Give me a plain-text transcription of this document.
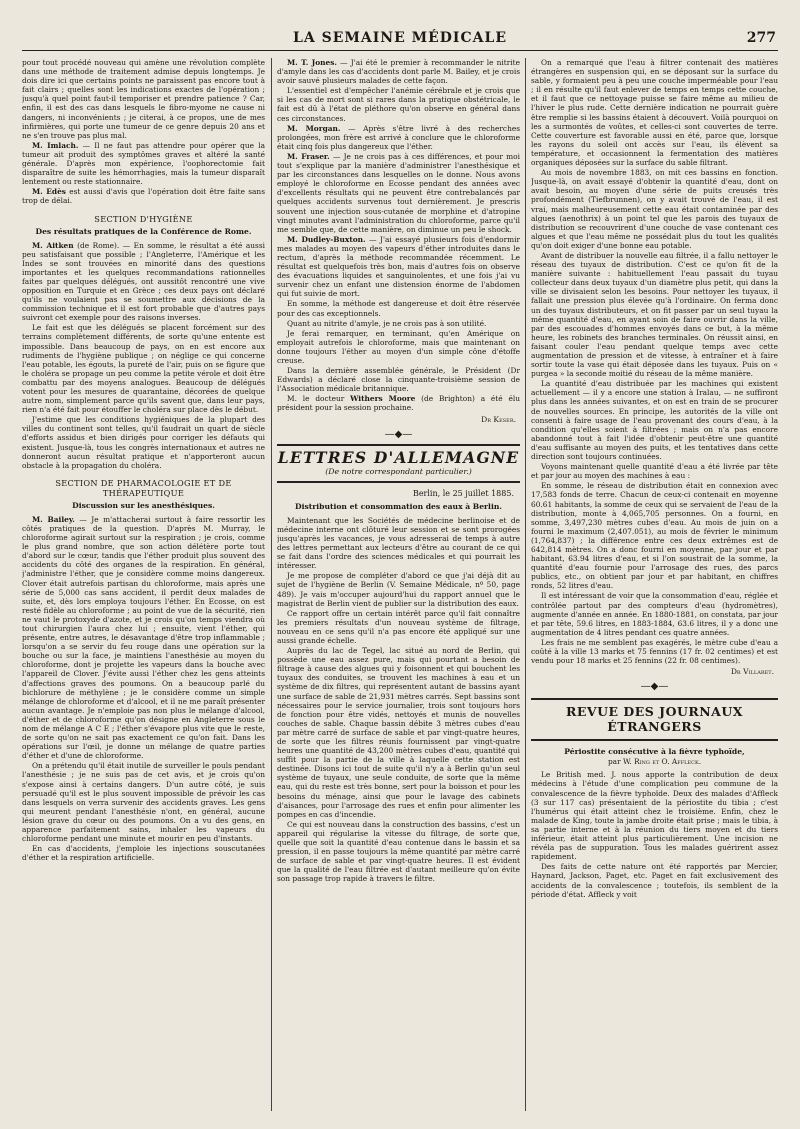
LA SEMAINE MÉDICALE	277

pour tout procédé nouveau qui amène une révolution complète dans une méthode de traitement admise depuis longtemps. Je dois dire ici que certains points ne paraissent pas encore tout à fait clairs ; quelles sont les indications exactes de l'opération ; jusqu'à quel point faut-il temporiser et prendre patience ? Car, enfin, il est des cas dans lesquels le fibro-myome ne cause ni dangers, ni inconvénients ; je citerai, à ce propos, une de mes infirmières, qui porte une tumeur de ce genre depuis 20 ans et ne s'en trouve pas plus mal.

M. Imlach. — Il ne faut pas attendre pour opérer que la tumeur ait produit des symptômes graves et altéré la santé générale. D'après mon expérience, l'oophorectomie fait disparaître de suite les hémorrhagies, mais la tumeur disparaît lentement ou reste stationnaire.

M. Edès est aussi d'avis que l'opération doit être faite sans trop de délai.

SECTION D'HYGIÈNE
Des résultats pratiques de la Conférence de Rome.

M. Aitken (de Rome). — En somme, le résultat a été aussi peu satisfaisant que possible ; l'Angleterre, l'Amérique et les Indes se sont trouvées en minorité dans des questions importantes et les quelques recommandations rationnelles faites par quelques délégués, ont aussitôt rencontré une vive opposition en Turquie et en Grèce ; ces deux pays ont déclaré qu'ils ne voulaient pas se soumettre aux décisions de la commission technique et il est fort probable que d'autres pays suivront cet exemple pour des raisons inverses.

Le fait est que les délégués se placent forcément sur des terrains complètement différents, de sorte qu'une entente est impossible. Dans beaucoup de pays, on en est encore aux rudiments de l'hygiène publique ; on néglige ce qui concerne l'eau potable, les égouts, la pureté de l'air, puis on se figure que le choléra se propage un peu comme la petite vérole et doit être combattu par des moyens analogues. Beaucoup de délégués votent pour les mesures de quarantaine, décorées de quelque autre nom, simplement parce qu'ils savent que, dans leur pays, rien n'a été fait pour étouffer le choléra sur place dès le début.

J'estime que les conditions hygiéniques de la plupart des villes du continent sont telles, qu'il faudrait un quart de siècle d'efforts assidus et bien dirigés pour corriger les défauts qui existent. Jusque-là, tous les congrès internationaux et autres ne donneront aucun résultat pratique et n'apporteront aucun obstacle à la propagation du choléra.

SECTION DE PHARMACOLOGIE ET DE THÉRAPEUTIQUE
Discussion sur les anesthésiques.

M. Bailey. — Je m'attacherai surtout à faire ressortir les côtés pratiques de la question. D'après M. Murray, le chloroforme agirait surtout sur la respiration ; je crois, comme le plus grand nombre, que son action délétère porte tout d'abord sur le cœur, tandis que l'éther produit plus souvent des accidents du côté des organes de la respiration. En général, j'administre l'éther, que je considère comme moins dangereux. Clover était autrefois partisan du chloroforme, mais après une série de 5,000 cas sans accident, il perdit deux malades de suite, et, dès lors employa toujours l'éther. En Ecosse, on est resté fidèle au chloroforme ; au point de vue de la sécurité, rien ne vaut le protoxyde d'azote, et je crois qu'on temps viendra où tout chirurgien l'aura chez lui ; ensuite, vient l'éther, qui présente, entre autres, le désavantage d'être trop inflammable ; lorsqu'on a se servir du feu rouge dans une opération sur la bouche ou sur la face, je maintiens l'anesthésie au moyen du chloroforme, dont je projette les vapeurs dans la bouche avec l'appareil de Clover. J'évite aussi l'éther chez les gens atteints d'affections graves des poumons. On a beaucoup parlé du bichlorure de méthylène ; je le considère comme un simple mélange de chloroforme et d'alcool, et il ne me paraît présenter aucun avantage. Je n'emploie pas non plus le mélange d'alcool, d'éther et de chloroforme qu'on désigne en Angleterre sous le nom de mélange A C E ; l'éther s'évapore plus vite que le reste, de sorte qu'on ne sait pas exactement ce qu'on fait. Dans les opérations sur l'œil, je donne un mélange de quatre parties d'éther et d'une de chloroforme.

On a prétendu qu'il était inutile de surveiller le pouls pendant l'anesthésie ; je ne suis pas de cet avis, et je crois qu'on s'expose ainsi à certains dangers. D'un autre côté, je suis persuadé qu'il est le plus souvent impossible de prévoir les cas dans lesquels on verra survenir des accidents graves. Les gens qui meurent pendant l'anesthésie n'ont, en général, aucune lésion grave du cœur ou des poumons. On a vu des gens, en apparence parfaitement sains, inhaler les vapeurs du chloroforme pendant une minute et mourir en peu d'instants.

En cas d'accidents, j'emploie les injections souscutanées d'éther et la respiration artificielle.

M. T. Jones. — J'ai été le premier à recommander le nitrite d'amyle dans les cas d'accidents dont parle M. Bailey, et je crois avoir sauvé plusieurs malades de cette façon.

L'essentiel est d'empêcher l'anémie cérébrale et je crois que si les cas de mort sont si rares dans la pratique obstétricale, le fait est dû à l'état de pléthore qu'on observe en général dans ces circonstances.

M. Morgan. — Après s'être livré à des recherches prolongées, mon frère est arrivé à conclure que le chloroforme était cinq fois plus dangereux que l'éther.

M. Fraser. — Je ne crois pas à ces différences, et pour moi tout s'explique par la manière d'administrer l'anesthésique et par les circonstances dans lesquelles on le donne. Nous avons employé le chloroforme en Ecosse pendant des années avec d'excellents résultats qui ne peuvent être contrebalancés par quelques accidents survenus tout dernièrement. Je prescris souvent une injection sous-cutanée de morphine et d'atropine vingt minutes avant l'administration du chloroforme, parce qu'il me semble que, de cette manière, on diminue un peu le shock.

M. Dudley-Buxton. — J'ai essayé plusieurs fois d'endormir mes malades au moyen des vapeurs d'éther introduites dans le rectum, d'après la méthode recommandée récemment. Le résultat est quelquefois très bon, mais d'autres fois on observe des évacuations liquides et sanguinolentes, et une fois j'ai vu survenir chez un enfant une distension énorme de l'abdomen qui fut suivie de mort.

En somme, la méthode est dangereuse et doit être réservée pour des cas exceptionnels.

Quant au nitrite d'amyle, je ne crois pas à son utilité.

Je ferai remarquer, en terminant, qu'en Amérique on employait autrefois le chloroforme, mais que maintenant on donne toujours l'éther au moyen d'un simple cône d'étoffe creuse.

Dans la dernière assemblée générale, le Président (Dr Edwards) a déclaré close la cinquante-troisième session de l'Association médicale britannique.

M. le docteur Withers Moore (de Brighton) a été élu président pour la session prochaine.

Dr Keser.
—◆—
LETTRES D'ALLEMAGNE
(De notre correspondant particulier.)
Berlin, le 25 juillet 1885.
Distribution et consommation des eaux à Berlin.

Maintenant que les Sociétés de médecine berlinoise et de médecine interne ont clôturé leur session et se sont prorogées jusqu'après les vacances, je vous adresserai de temps à autre des lettres permettant aux lecteurs d'être au courant de ce qui se fait dans l'ordre des sciences médicales et qui pourrait les intéresser.

Je me propose de compléter d'abord ce que j'ai déjà dit au sujet de l'hygiène de Berlin (V. Semaine Médicale, nº 50, page 489). Je vais m'occuper aujourd'hui du rapport annuel que le magistrat de Berlin vient de publier sur la distribution des eaux.

Ce rapport offre un certain intérêt parce qu'il fait connaître les premiers résultats d'un nouveau système de filtrage, nouveau en ce sens qu'il n'a pas encore été appliqué sur une aussi grande échelle.

Auprès du lac de Tegel, lac situé au nord de Berlin, qui possède une eau assez pure, mais qui pourtant a besoin de filtrage à cause des algues qui y foisonnent et qui bouchent les tuyaux des conduites, se trouvent les machines à eau et un système de dix filtres, qui représentent autant de bassins ayant une surface de sable de 21,931 mètres carrés. Sept bassins sont nécessaires pour le service journalier, trois sont toujours hors de fonction pour être vidés, nettoyés et munis de nouvelles couches de sable. Chaque bassin débite 3 mètres cubes d'eau par mètre carré de surface de sable et par vingt-quatre heures, de sorte que les filtres réunis fournissent par vingt-quatre heures une quantité de 43,200 mètres cubes d'eau, quantité qui suffit pour la partie de la ville à laquelle cette station est destinée. Disons ici tout de suite qu'il n'y a à Berlin qu'un seul système de tuyaux, une seule conduite, de sorte que la même eau, qui du reste est très bonne, sert pour la boisson et pour les besoins du ménage, ainsi que pour le lavage des cabinets d'aisances, pour l'arrosage des rues et enfin pour alimenter les pompes en cas d'incendie.

Ce qui est nouveau dans la construction des bassins, c'est un appareil qui régularise la vitesse du filtrage, de sorte que, quelle que soit la quantité d'eau contenue dans le bassin et sa pression, il en passe toujours la même quantité par mètre carré de surface de sable et par vingt-quatre heures. Il est évident que la qualité de l'eau filtrée est d'autant meilleure qu'on évite son passage trop rapide à travers le filtre.

On a remarqué que l'eau à filtrer contenait des matières étrangères en suspension qui, en se déposant sur la surface du sable, y formaient peu à peu une couche imperméable pour l'eau ; il en résulte qu'il faut enlever de temps en temps cette couche, et il faut que ce nettoyage puisse se faire même au milieu de l'hiver le plus rude. Cette dernière indication ne pourrait guère être remplie si les bassins étaient à découvert. Voilà pourquoi on les a surmontés de voûtes, et celles-ci sont couvertes de terre. Cette couverture est favorable aussi en été, parce que, lorsque les rayons du soleil ont accès sur l'eau, ils élèvent sa température, et occasionnent la fermentation des matières organiques déposées sur la surface du sable filtrant.

Au mois de novembre 1883, on mit ces bassins en fonction. Jusque-là, on avait essayé d'obtenir la quantité d'eau, dont on avait besoin, au moyen d'une série de puits creusés très profondément (Tiefbrunnen), on y avait trouvé de l'eau, il est vrai, mais malheureusement cette eau était contaminée par des algues (aenothrix) à un point tel que les parois des tuyaux de distribution se recouvrirent d'une couche de vase contenant ces algues et que l'eau même ne possédait plus du tout les qualités qu'on doit exiger d'une bonne eau potable.

Avant de distribuer la nouvelle eau filtrée, il a fallu nettoyer le réseau des tuyaux de distribution. C'est ce qu'on fit de la manière suivante : habituellement l'eau passait du tuyau collecteur dans deux tuyaux d'un diamètre plus petit, qui dans la ville se divisaient selon les besoins. Pour nettoyer les tuyaux, il fallait une pression plus élevée qu'à l'ordinaire. On ferma donc un des tuyaux distributeurs, et on fit passer par un seul tuyau la même quantité d'eau, en ayant soin de faire ouvrir dans la ville, par des escouades d'hommes envoyés dans ce but, à la même heure, les robinets des branches terminales. On réussit ainsi, en faisant couler l'eau pendant quelque temps avec cette augmentation de pression et de vitesse, à entraîner et à faire sortir toute la vase qui était déposée dans les tuyaux. Puis on « purgea » la seconde moitié du réseau de la même manière.

La quantité d'eau distribuée par les machines qui existent actuellement — il y a encore une station à Iralau, — ne suffiront plus dans les années suivantes, et on est en train de se procurer de nouvelles sources. En principe, les autorités de la ville ont consenti à faire usage de l'eau provenant des cours d'eau, à la condition qu'elles soient à filtrées ; mais on n'a pas encore abandonné tout à fait l'idée d'obtenir peut-être une quantité d'eau suffisante au moyen des puits, et les tentatives dans cette direction sont toujours continuées.

Voyons maintenant quelle quantité d'eau a été livrée par tête et par jour au moyen des machines à eau :

En somme, le réseau de distribution était en connexion avec 17,583 fonds de terre. Chacun de ceux-ci contenait en moyenne 60.61 habitants, la somme de ceux qui se servaient de l'eau de la distribution, monte à 4,065,705 personnes. On a fourni, en somme, 3,497,230 mètres cubes d'eau. Au mois de juin on a fourni le maximum (2,407.051), au mois de février le minimum (1,764,837) ; la différence entre ces deux extrêmes est de 642,814 mètres. On a donc fourni en moyenne, par jour et par habitant, 63.94 litres d'eau, et si l'on soustrait de la somme, la quantité d'eau fournie pour l'arrosage des rues, des parcs publics, etc., on obtient par jour et par habitant, en chiffres ronds, 52 litres d'eau.

Il est intéressant de voir que la consommation d'eau, réglée et contrôlée partout par des compteurs d'eau (hydromètres), augmente d'année en année. En 1880-1881, on constata, par jour et par tête, 59.6 litres, en 1883-1884, 63.6 litres, il y a donc une augmentation de 4 litres pendant ces quatre années.

Les frais ne me semblent pas exagérés, le mètre cube d'eau a coûté à la ville 13 marks et 75 fennins (17 fr. 02 centimes) et est vendu pour 18 marks et 25 fennins (22 fr. 08 centimes).

Dr Villaret.
—◆—
REVUE DES JOURNAUX ÉTRANGERS
Périostite consécutive à la fièvre typhoïde,
par W. Ring et O. Affleck.

Le British med. J. nous apporte la contribution de deux médecins à l'étude d'une complication peu commune de la convalescence de la fièvre typhoïde. Deux des malades d'Affleck (3 sur 117 cas) présentaient de la périostite du tibia ; c'est l'humérus qui était atteint chez le troisième. Enfin, chez le malade de King, toute la jambe droite était prise ; mais le tibia, à sa partie interne et à la réunion du tiers moyen et du tiers inférieur, était atteint plus particulièrement. Une incision ne révéla pas de suppuration. Tous les malades guérirent assez rapidement.

Des faits de cette nature ont été rapportés par Mercier, Haynard, Jackson, Paget, etc. Paget en fait exclusivement des accidents de la convalescence ; toutefois, ils semblent de la période d'état. Affleck y voit
